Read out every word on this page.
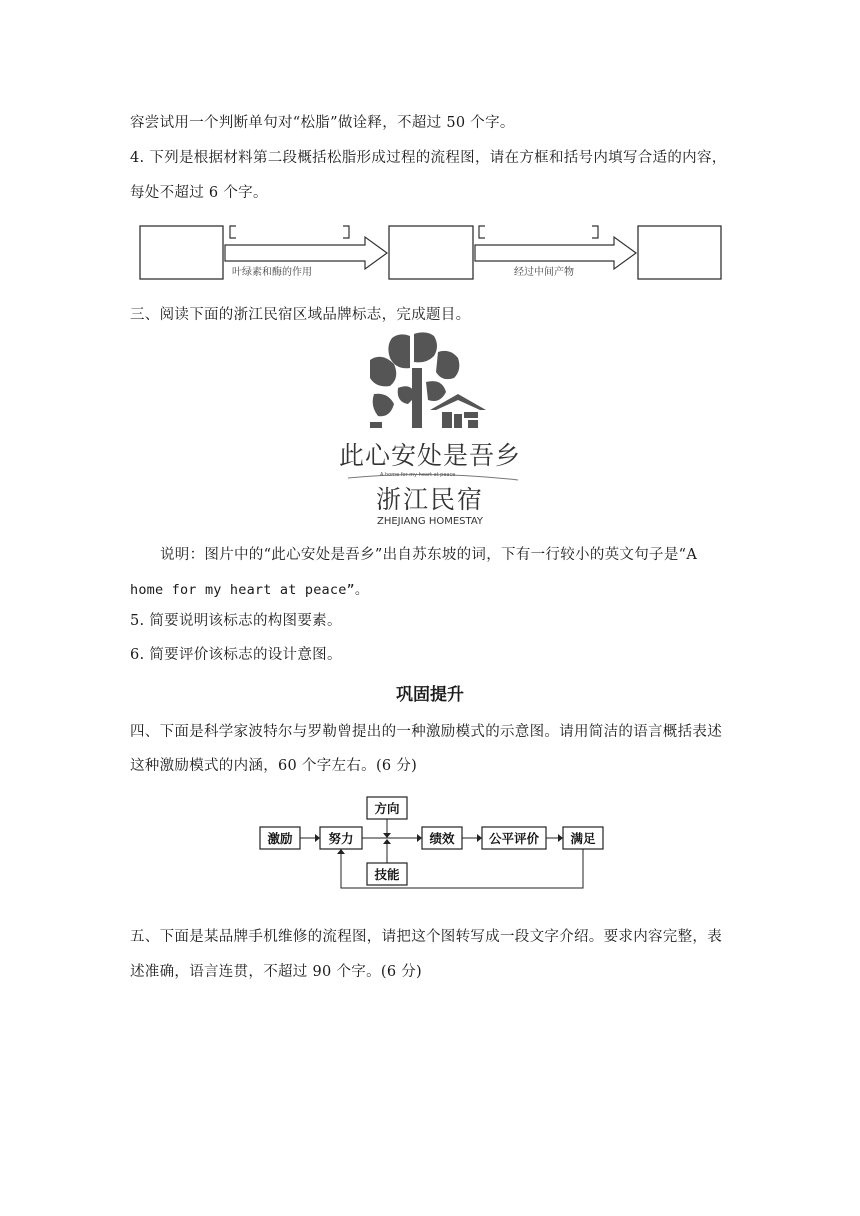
容尝试用一个判断单句对“松脂”做诠释，不超过 50 个字。
4. 下列是根据材料第二段概括松脂形成过程的流程图，请在方框和括号内填写合适的内容，
每处不超过 6 个字。
叶绿素和酶的作用	经过中间产物
三、阅读下面的浙江民宿区域品牌标志，完成题目。
此心安处是吾乡
A home for my heart at peace
浙江民宿
ZHEJIANG HOMESTAY
说明：图片中的“此心安处是吾乡”出自苏东坡的词，下有一行较小的英文句子是“A
home for my heart at peace”。
5. 简要说明该标志的构图要素。
6. 简要评价该标志的设计意图。
巩固提升
四、下面是科学家波特尔与罗勒曾提出的一种激励模式的示意图。请用简洁的语言概括表述
这种激励模式的内涵，60 个字左右。(6 分)
激励	努力
方向
技能
绩效	公平评价	满足
五、下面是某品牌手机维修的流程图，请把这个图转写成一段文字介绍。要求内容完整，表
述准确，语言连贯，不超过 90 个字。(6 分)
